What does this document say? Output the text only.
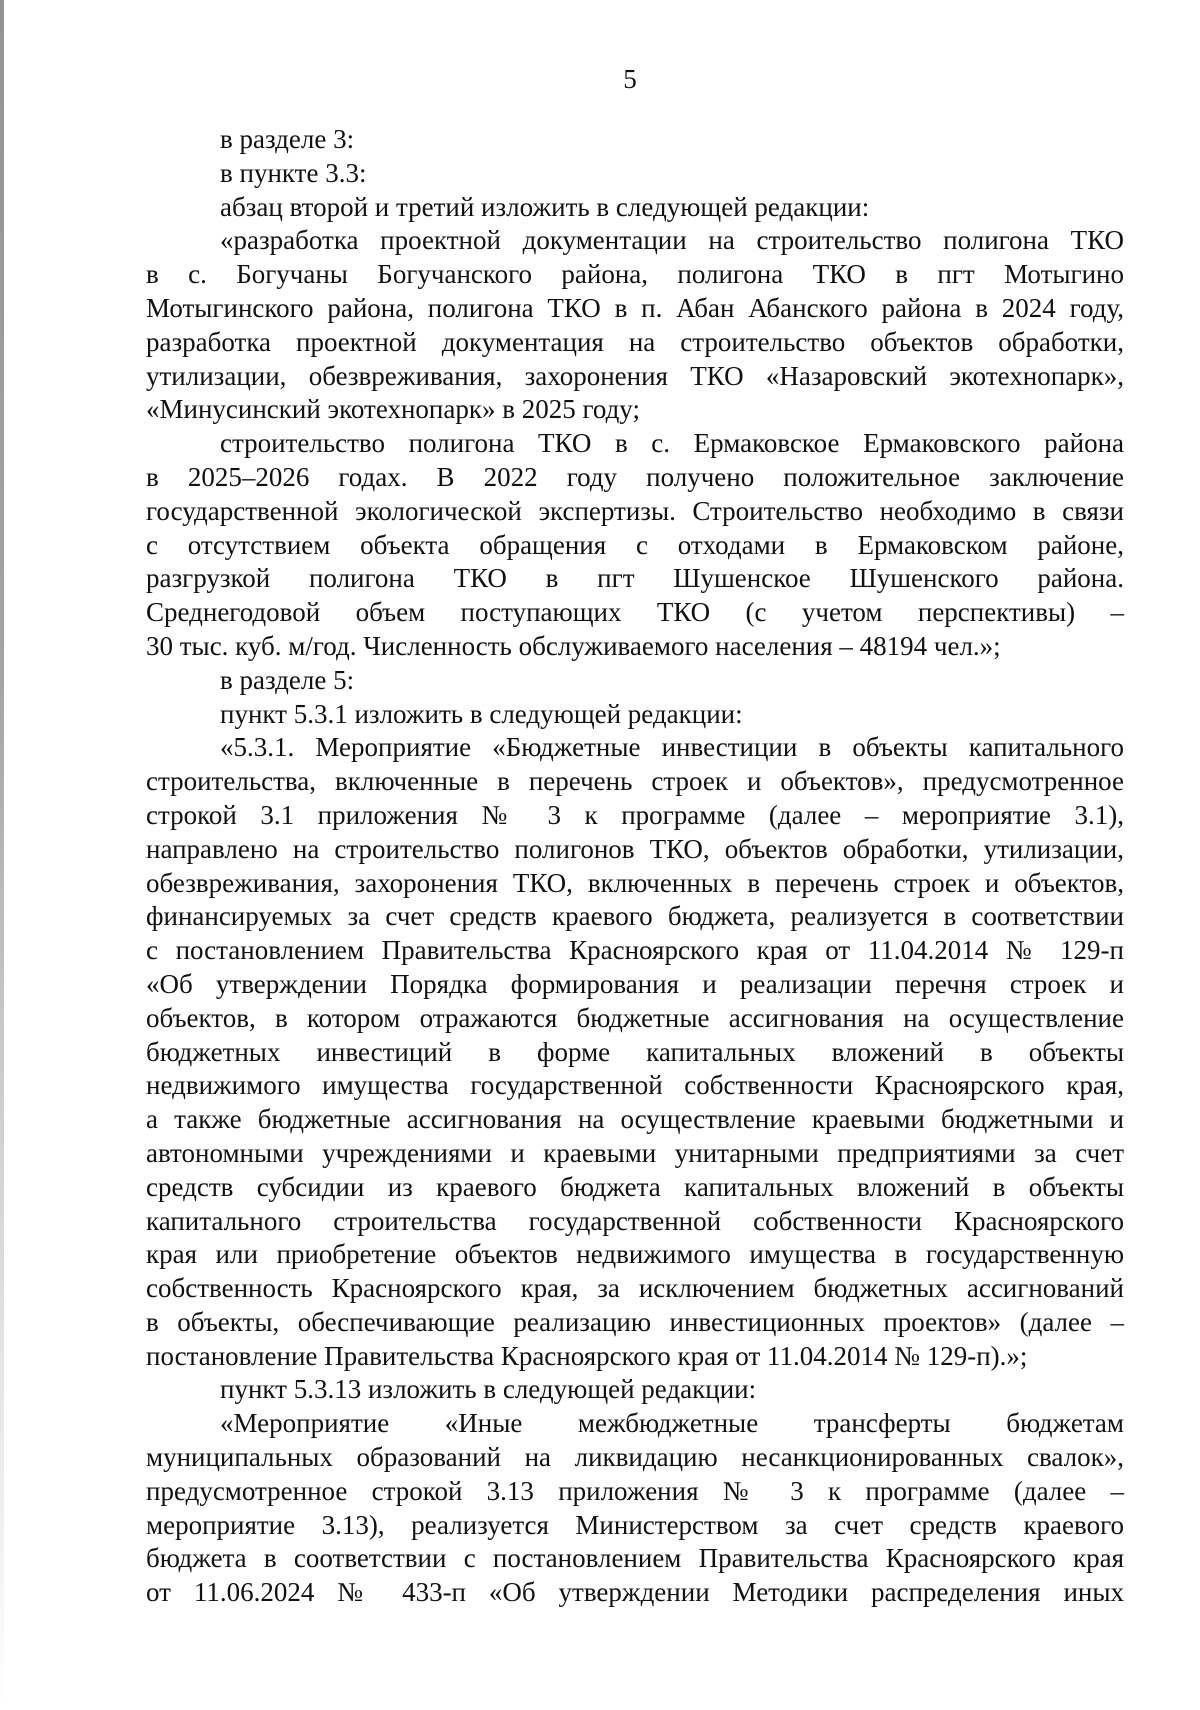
5
в разделе 3:
в пункте 3.3:
абзац второй и третий изложить в следующей редакции:
«разработка проектной документации на строительство полигона ТКО
в с. Богучаны Богучанского района, полигона ТКО в пгт Мотыгино
Мотыгинского района, полигона ТКО в п. Абан Абанского района в 2024 году,
разработка проектной документация на строительство объектов обработки,
утилизации, обезвреживания, захоронения ТКО «Назаровский экотехнопарк»,
«Минусинский экотехнопарк» в 2025 году;
строительство полигона ТКО в с. Ермаковское Ермаковского района
в 2025–2026 годах. В 2022 году получено положительное заключение
государственной экологической экспертизы. Строительство необходимо в связи
с отсутствием объекта обращения с отходами в Ермаковском районе,
разгрузкой полигона ТКО в пгт Шушенское Шушенского района.
Среднегодовой объем поступающих ТКО (с учетом перспективы) –
30 тыс. куб. м/год. Численность обслуживаемого населения – 48194 чел.»;
в разделе 5:
пункт 5.3.1 изложить в следующей редакции:
«5.3.1. Мероприятие «Бюджетные инвестиции в объекты капитального
строительства, включенные в перечень строек и объектов», предусмотренное
строкой 3.1 приложения № 3 к программе (далее – мероприятие 3.1),
направлено на строительство полигонов ТКО, объектов обработки, утилизации,
обезвреживания, захоронения ТКО, включенных в перечень строек и объектов,
финансируемых за счет средств краевого бюджета, реализуется в соответствии
с постановлением Правительства Красноярского края от 11.04.2014 № 129-п
«Об утверждении Порядка формирования и реализации перечня строек и
объектов, в котором отражаются бюджетные ассигнования на осуществление
бюджетных инвестиций в форме капитальных вложений в объекты
недвижимого имущества государственной собственности Красноярского края,
а также бюджетные ассигнования на осуществление краевыми бюджетными и
автономными учреждениями и краевыми унитарными предприятиями за счет
средств субсидии из краевого бюджета капитальных вложений в объекты
капитального строительства государственной собственности Красноярского
края или приобретение объектов недвижимого имущества в государственную
собственность Красноярского края, за исключением бюджетных ассигнований
в объекты, обеспечивающие реализацию инвестиционных проектов» (далее –
постановление Правительства Красноярского края от 11.04.2014 № 129-п).»;
пункт 5.3.13 изложить в следующей редакции:
«Мероприятие «Иные межбюджетные трансферты бюджетам
муниципальных образований на ликвидацию несанкционированных свалок»,
предусмотренное строкой 3.13 приложения № 3 к программе (далее –
мероприятие 3.13), реализуется Министерством за счет средств краевого
бюджета в соответствии с постановлением Правительства Красноярского края
от 11.06.2024 № 433-п «Об утверждении Методики распределения иных
